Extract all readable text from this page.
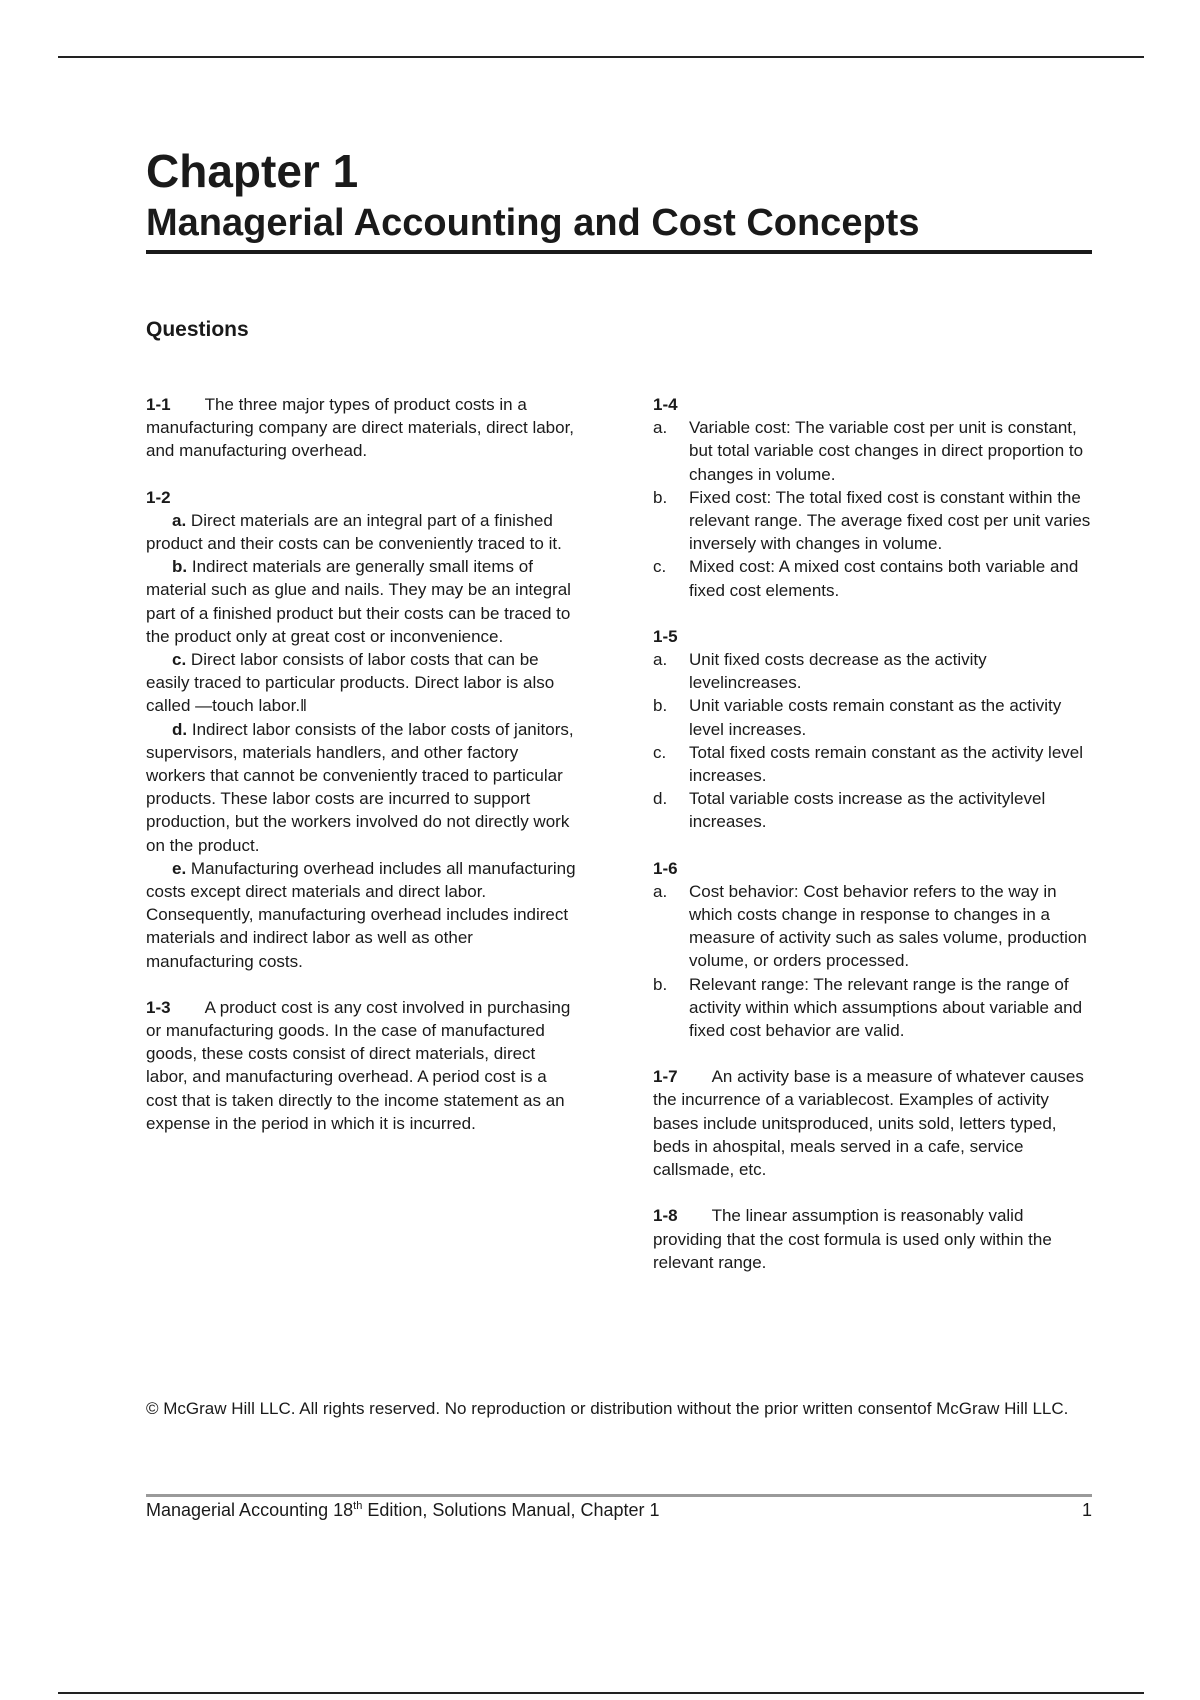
Chapter 1
Managerial Accounting and Cost Concepts
Questions

1-1 The three major types of product costs in a manufacturing company are direct materials, direct labor, and manufacturing overhead.

1-2

a. Direct materials are an integral part of a finished product and their costs can be conveniently traced to it.

b. Indirect materials are generally small items of material such as glue and nails. They may be an integral part of a finished product but their costs can be traced to the product only at great cost or inconvenience.

c. Direct labor consists of labor costs that can be easily traced to particular products. Direct labor is also called ―touch labor.‖

d. Indirect labor consists of the labor costs of janitors, supervisors, materials handlers, and other factory workers that cannot be conveniently traced to particular products. These labor costs are incurred to support production, but the workers involved do not directly work on the product.

e. Manufacturing overhead includes all manufacturing costs except direct materials and direct labor. Consequently, manufacturing overhead includes indirect materials and indirect labor as well as other manufacturing costs.

1-3 A product cost is any cost involved in purchasing or manufacturing goods. In the case of manufactured goods, these costs consist of direct materials, direct labor, and manufacturing overhead. A period cost is a cost that is taken directly to the income statement as an expense in the period in which it is incurred.

1-4
a.	Variable cost: The variable cost per unit is constant, but total variable cost changes in direct proportion to changes in volume.
b.	Fixed cost: The total fixed cost is constant within the relevant range. The average fixed cost per unit varies inversely with changes in volume.
c.	Mixed cost: A mixed cost contains both variable and fixed cost elements.
1-5
a.	Unit fixed costs decrease as the activity levelincreases.
b.	Unit variable costs remain constant as the activity level increases.
c.	Total fixed costs remain constant as the activity level increases.
d.	Total variable costs increase as the activitylevel increases.
1-6
a.	Cost behavior: Cost behavior refers to the way in which costs change in response to changes in a measure of activity such as sales volume, production volume, or orders processed.
b.	Relevant range: The relevant range is the range of activity within which assumptions about variable and fixed cost behavior are valid.

1-7 An activity base is a measure of whatever causes the incurrence of a variablecost. Examples of activity bases include unitsproduced, units sold, letters typed, beds in ahospital, meals served in a cafe, service callsmade, etc.

1-8 The linear assumption is reasonably valid providing that the cost formula is used only within the relevant range.

© McGraw Hill LLC. All rights reserved. No reproduction or distribution without the prior written consentof McGraw Hill LLC.

Managerial Accounting 18th Edition, Solutions Manual, Chapter 1	1
